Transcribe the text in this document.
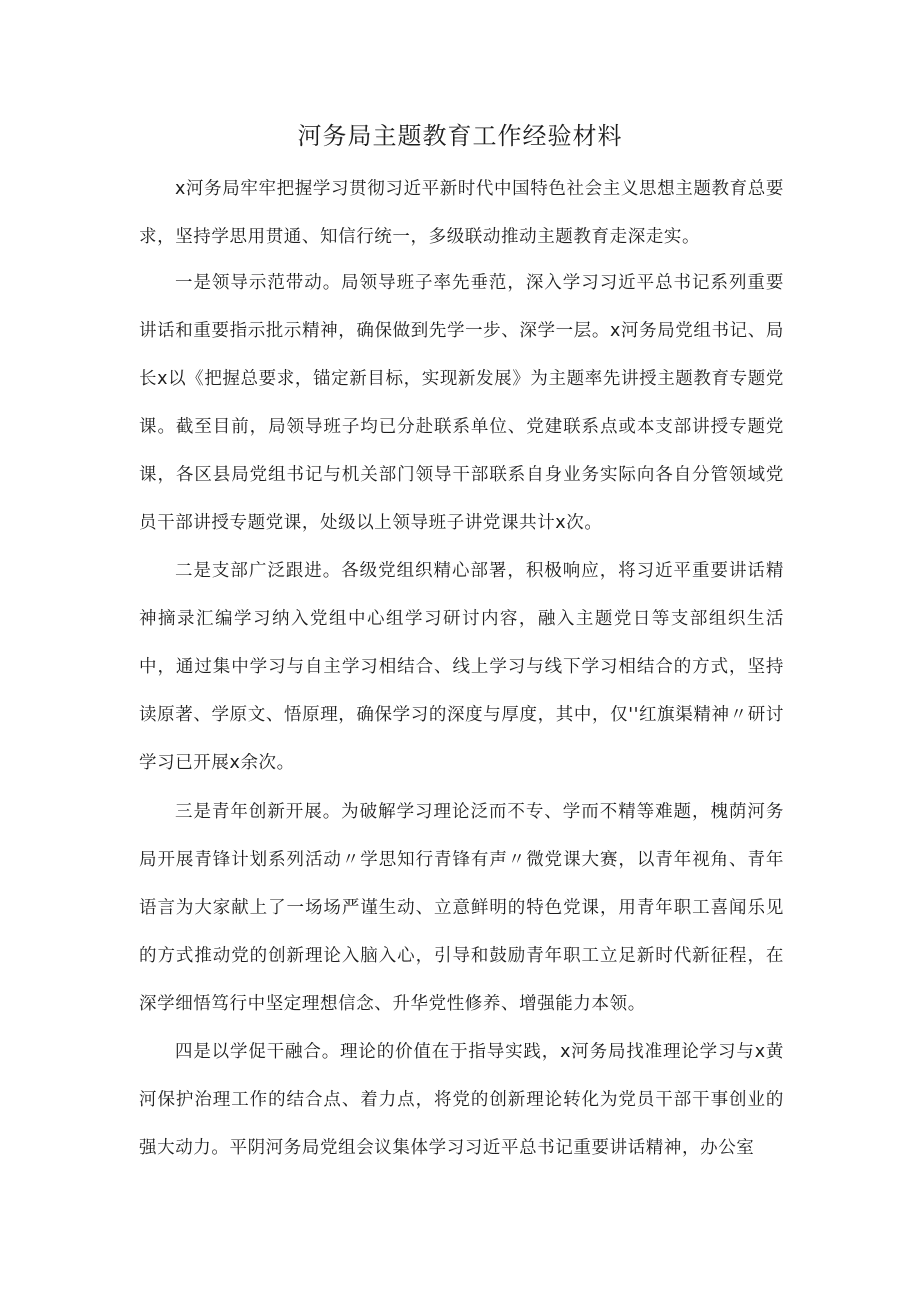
河务局主题教育工作经验材料

x河务局牢牢把握学习贯彻习近平新时代中国特色社会主义思想主题教育总要求，坚持学思用贯通、知信行统一，多级联动推动主题教育走深走实。

一是领导示范带动。局领导班子率先垂范，深入学习习近平总书记系列重要讲话和重要指示批示精神，确保做到先学一步、深学一层。x河务局党组书记、局长x以《把握总要求，锚定新目标，实现新发展》为主题率先讲授主题教育专题党课。截至目前，局领导班子均已分赴联系单位、党建联系点或本支部讲授专题党课，各区县局党组书记与机关部门领导干部联系自身业务实际向各自分管领域党员干部讲授专题党课，处级以上领导班子讲党课共计x次。

二是支部广泛跟进。各级党组织精心部署，积极响应，将习近平重要讲话精神摘录汇编学习纳入党组中心组学习研讨内容，融入主题党日等支部组织生活中，通过集中学习与自主学习相结合、线上学习与线下学习相结合的方式，坚持读原著、学原文、悟原理，确保学习的深度与厚度，其中，仅''红旗渠精神〃研讨学习已开展x余次。

三是青年创新开展。为破解学习理论泛而不专、学而不精等难题，槐荫河务局开展青锋计划系列活动〃学思知行青锋有声〃微党课大赛，以青年视角、青年语言为大家献上了一场场严谨生动、立意鲜明的特色党课，用青年职工喜闻乐见的方式推动党的创新理论入脑入心，引导和鼓励青年职工立足新时代新征程，在深学细悟笃行中坚定理想信念、升华党性修养、增强能力本领。

四是以学促干融合。理论的价值在于指导实践，x河务局找准理论学习与x黄河保护治理工作的结合点、着力点，将党的创新理论转化为党员干部干事创业的强大动力。平阴河务局党组会议集体学习习近平总书记重要讲话精神，办公室
